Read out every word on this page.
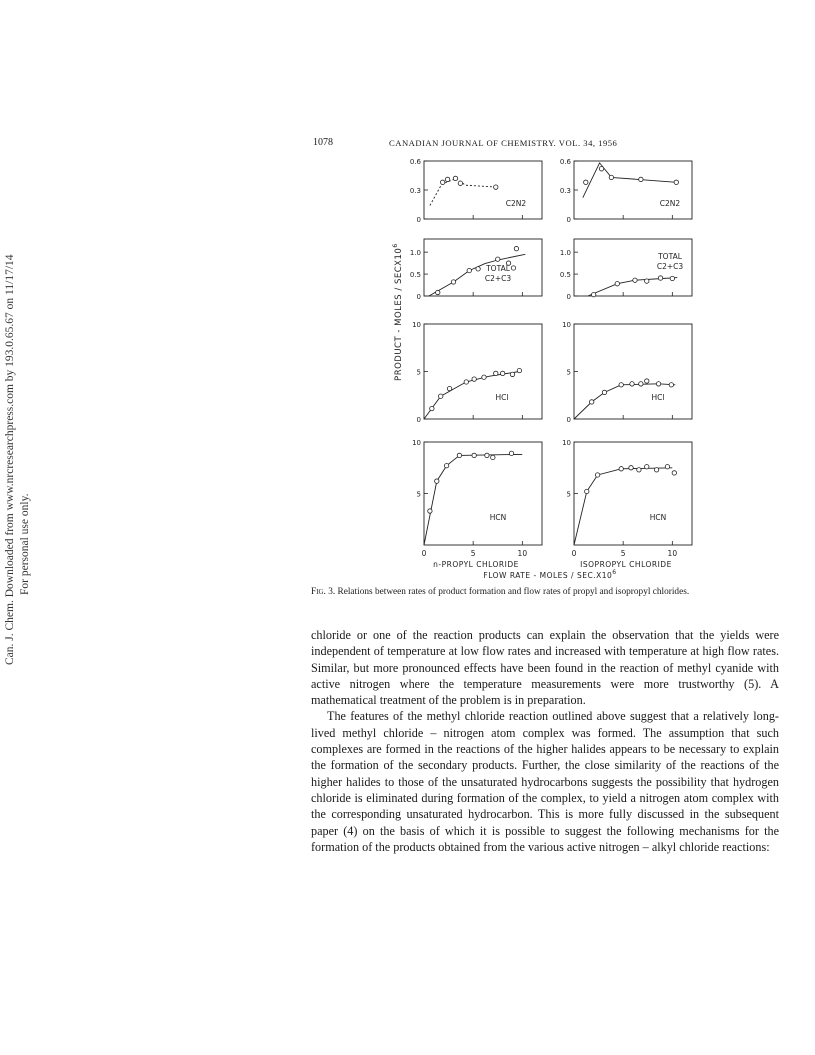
Can. J. Chem. Downloaded from www.nrcresearchpress.com by 193.0.65.67 on 11/17/14 For personal use only.
1078	CANADIAN JOURNAL OF CHEMISTRY. VOL. 34, 1956
PRODUCT - MOLES / $SECX10^6$
0
0.3
0.6
C2N2
0
0.3
0.6
C2N2
0
0.5
1.0
TOTAL
C2+C3
0
0.5
1.0	TOTAL
C2+C3
0
5
10
HCl
0
5
10
HCl
5
10
HCN
0	5	10
5
10
HCN
0	5	10
n-PROPYL CHLORIDE	ISOPROPYL CHLORIDE
FLOW RATE - MOLES / $SEC.X10^6$
Fig. 3. Relations between rates of product formation and flow rates of propyl and isopropyl chlorides.

chloride or one of the reaction products can explain the observation that the yields were independent of temperature at low flow rates and increased with temperature at high flow rates. Similar, but more pronounced effects have been found in the reaction of methyl cyanide with active nitrogen where the temperature measurements were more trustworthy (5). A mathematical treatment of the problem is in preparation.

The features of the methyl chloride reaction outlined above suggest that a relatively long-lived methyl chloride – nitrogen atom complex was formed. The assumption that such complexes are formed in the reactions of the higher halides appears to be necessary to explain the formation of the secondary products. Further, the close similarity of the reactions of the higher halides to those of the unsaturated hydrocarbons suggests the possibility that hydrogen chloride is eliminated during formation of the complex, to yield a nitrogen atom complex with the corresponding unsaturated hydrocarbon. This is more fully discussed in the subsequent paper (4) on the basis of which it is possible to suggest the following mechanisms for the formation of the products obtained from the various active nitrogen – alkyl chloride reactions:
